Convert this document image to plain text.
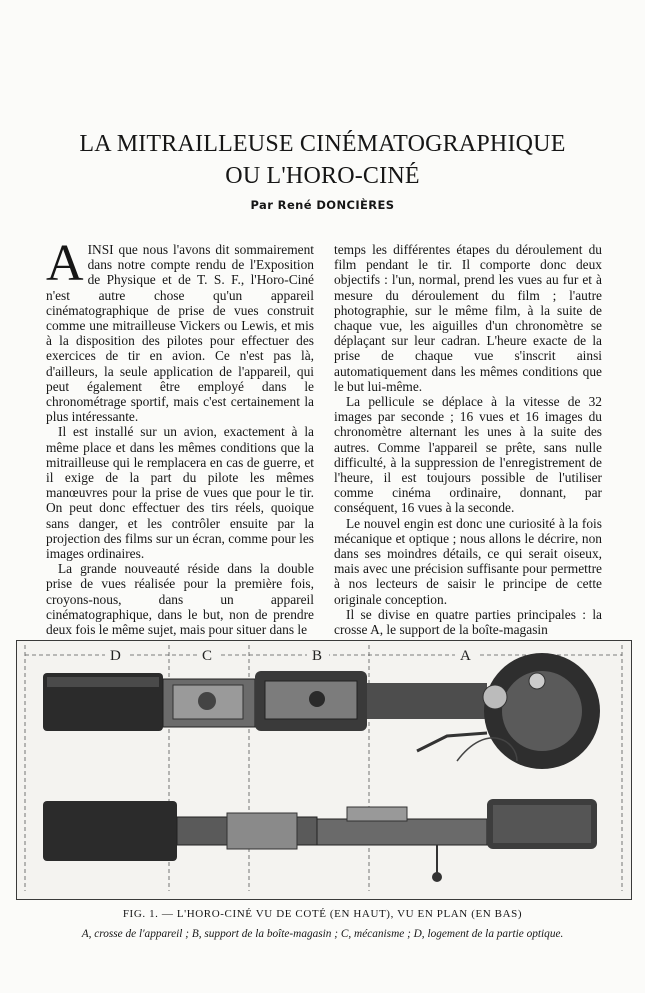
LA MITRAILLEUSE CINÉMATOGRAPHIQUE
OU L'HORO-CINÉ
Par René DONCIÈRES

AINSI que nous l'avons dit sommairement dans notre compte rendu de l'Exposition de Physique et de T. S. F., l'Horo-Ciné n'est autre chose qu'un appareil cinématographique de prise de vues construit comme une mitrailleuse Vickers ou Lewis, et mis à la disposition des pilotes pour effectuer des exercices de tir en avion. Ce n'est pas là, d'ailleurs, la seule application de l'appareil, qui peut également être employé dans le chronométrage sportif, mais c'est certainement la plus intéressante.

Il est installé sur un avion, exactement à la même place et dans les mêmes conditions que la mitrailleuse qui le remplacera en cas de guerre, et il exige de la part du pilote les mêmes manœuvres pour la prise de vues que pour le tir. On peut donc effectuer des tirs réels, quoique sans danger, et les contrôler ensuite par la projection des films sur un écran, comme pour les images ordinaires.

La grande nouveauté réside dans la double prise de vues réalisée pour la première fois, croyons-nous, dans un appareil cinématographique, dans le but, non de prendre deux fois le même sujet, mais pour situer dans le

temps les différentes étapes du déroulement du film pendant le tir. Il comporte donc deux objectifs : l'un, normal, prend les vues au fur et à mesure du déroulement du film ; l'autre photographie, sur le même film, à la suite de chaque vue, les aiguilles d'un chronomètre se déplaçant sur leur cadran. L'heure exacte de la prise de chaque vue s'inscrit ainsi automatiquement dans les mêmes conditions que le but lui-même.

La pellicule se déplace à la vitesse de 32 images par seconde ; 16 vues et 16 images du chronomètre alternant les unes à la suite des autres. Comme l'appareil se prête, sans nulle difficulté, à la suppression de l'enregistrement de l'heure, il est toujours possible de l'utiliser comme cinéma ordinaire, donnant, par conséquent, 16 vues à la seconde.

Le nouvel engin est donc une curiosité à la fois mécanique et optique ; nous allons le décrire, non dans ses moindres détails, ce qui serait oiseux, mais avec une précision suffisante pour permettre à nos lecteurs de saisir le principe de cette originale conception.

Il se divise en quatre parties principales : la crosse A, le support de la boîte-magasin

D	C	B	A
FIG. 1. — L'HORO-CINÉ VU DE COTÉ (EN HAUT), VU EN PLAN (EN BAS)
A, crosse de l'appareil ; B, support de la boîte-magasin ; C, mécanisme ; D, logement de la partie optique.
